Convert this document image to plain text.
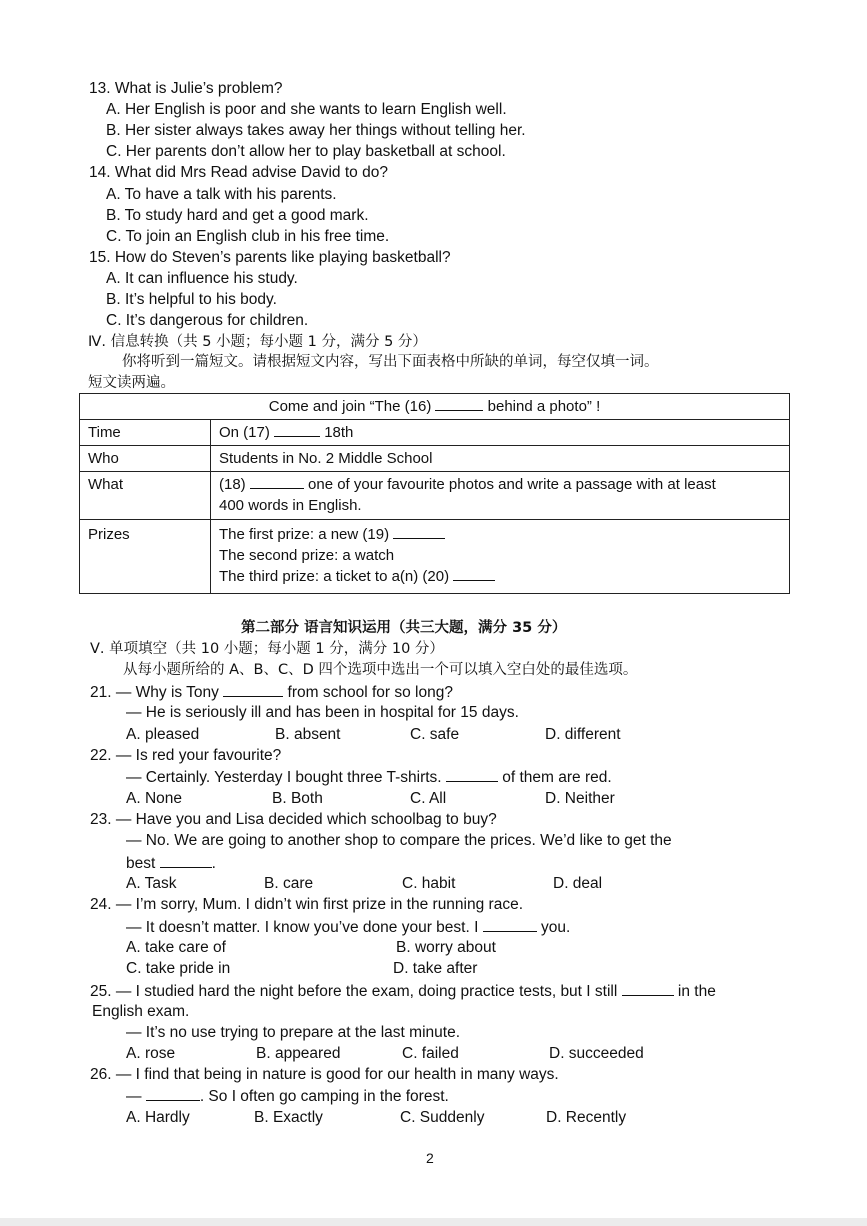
13. What is Julie’s problem?
A. Her English is poor and she wants to learn English well.
B. Her sister always takes away her things without telling her.
C. Her parents don’t allow her to play basketball at school.
14. What did Mrs Read advise David to do?
A. To have a talk with his parents.
B. To study hard and get a good mark.
C. To join an English club in his free time.
15. How do Steven’s parents like playing basketball?
A. It can influence his study.
B. It’s helpful to his body.
C. It’s dangerous for children.
Ⅳ. 信息转换（共 5 小题；每小题 1 分，满分 5 分）
你将听到一篇短文。请根据短文内容，写出下面表格中所缺的单词，每空仅填一词。
短文读两遍。
Come and join “The (16) behind a photo” !	
Time	On (17) 18th
Who	Students in No. 2 Middle School
What	(18) one of your favourite photos and write a passage with at least
400 words in English.
Prizes	The first prize: a new (19)
The second prize: a watch
The third prize: a ticket to a(n) (20)
第二部分 语言知识运用（共三大题，满分 35 分）
Ⅴ. 单项填空（共 10 小题；每小题 1 分，满分 10 分）
从每小题所给的 A、B、C、D 四个选项中选出一个可以填入空白处的最佳选项。
21. — Why is Tony	from school for so long?
— He is seriously ill and has been in hospital for 15 days.
A. pleased	B. absent	C. safe	D. different
22. — Is red your favourite?
— Certainly. Yesterday I bought three T-shirts.	of them are red.
A. None	B. Both	C. All	D. Neither
23. — Have you and Lisa decided which schoolbag to buy?
— No. We are going to another shop to compare the prices. We’d like to get the
best	.
A. Task	B. care	C. habit	D. deal
24. — I’m sorry, Mum. I didn’t win first prize in the running race.
— It doesn’t matter. I know you’ve done your best. I	you.
A. take care of	B. worry about
C. take pride in	D. take after
25. — I studied hard the night before the exam, doing practice tests, but I still	in the
English exam.
— It’s no use trying to prepare at the last minute.
A. rose	B. appeared	C. failed	D. succeeded
26. — I find that being in nature is good for our health in many ways.
—	. So I often go camping in the forest.
A. Hardly	B. Exactly	C. Suddenly	D. Recently
2
